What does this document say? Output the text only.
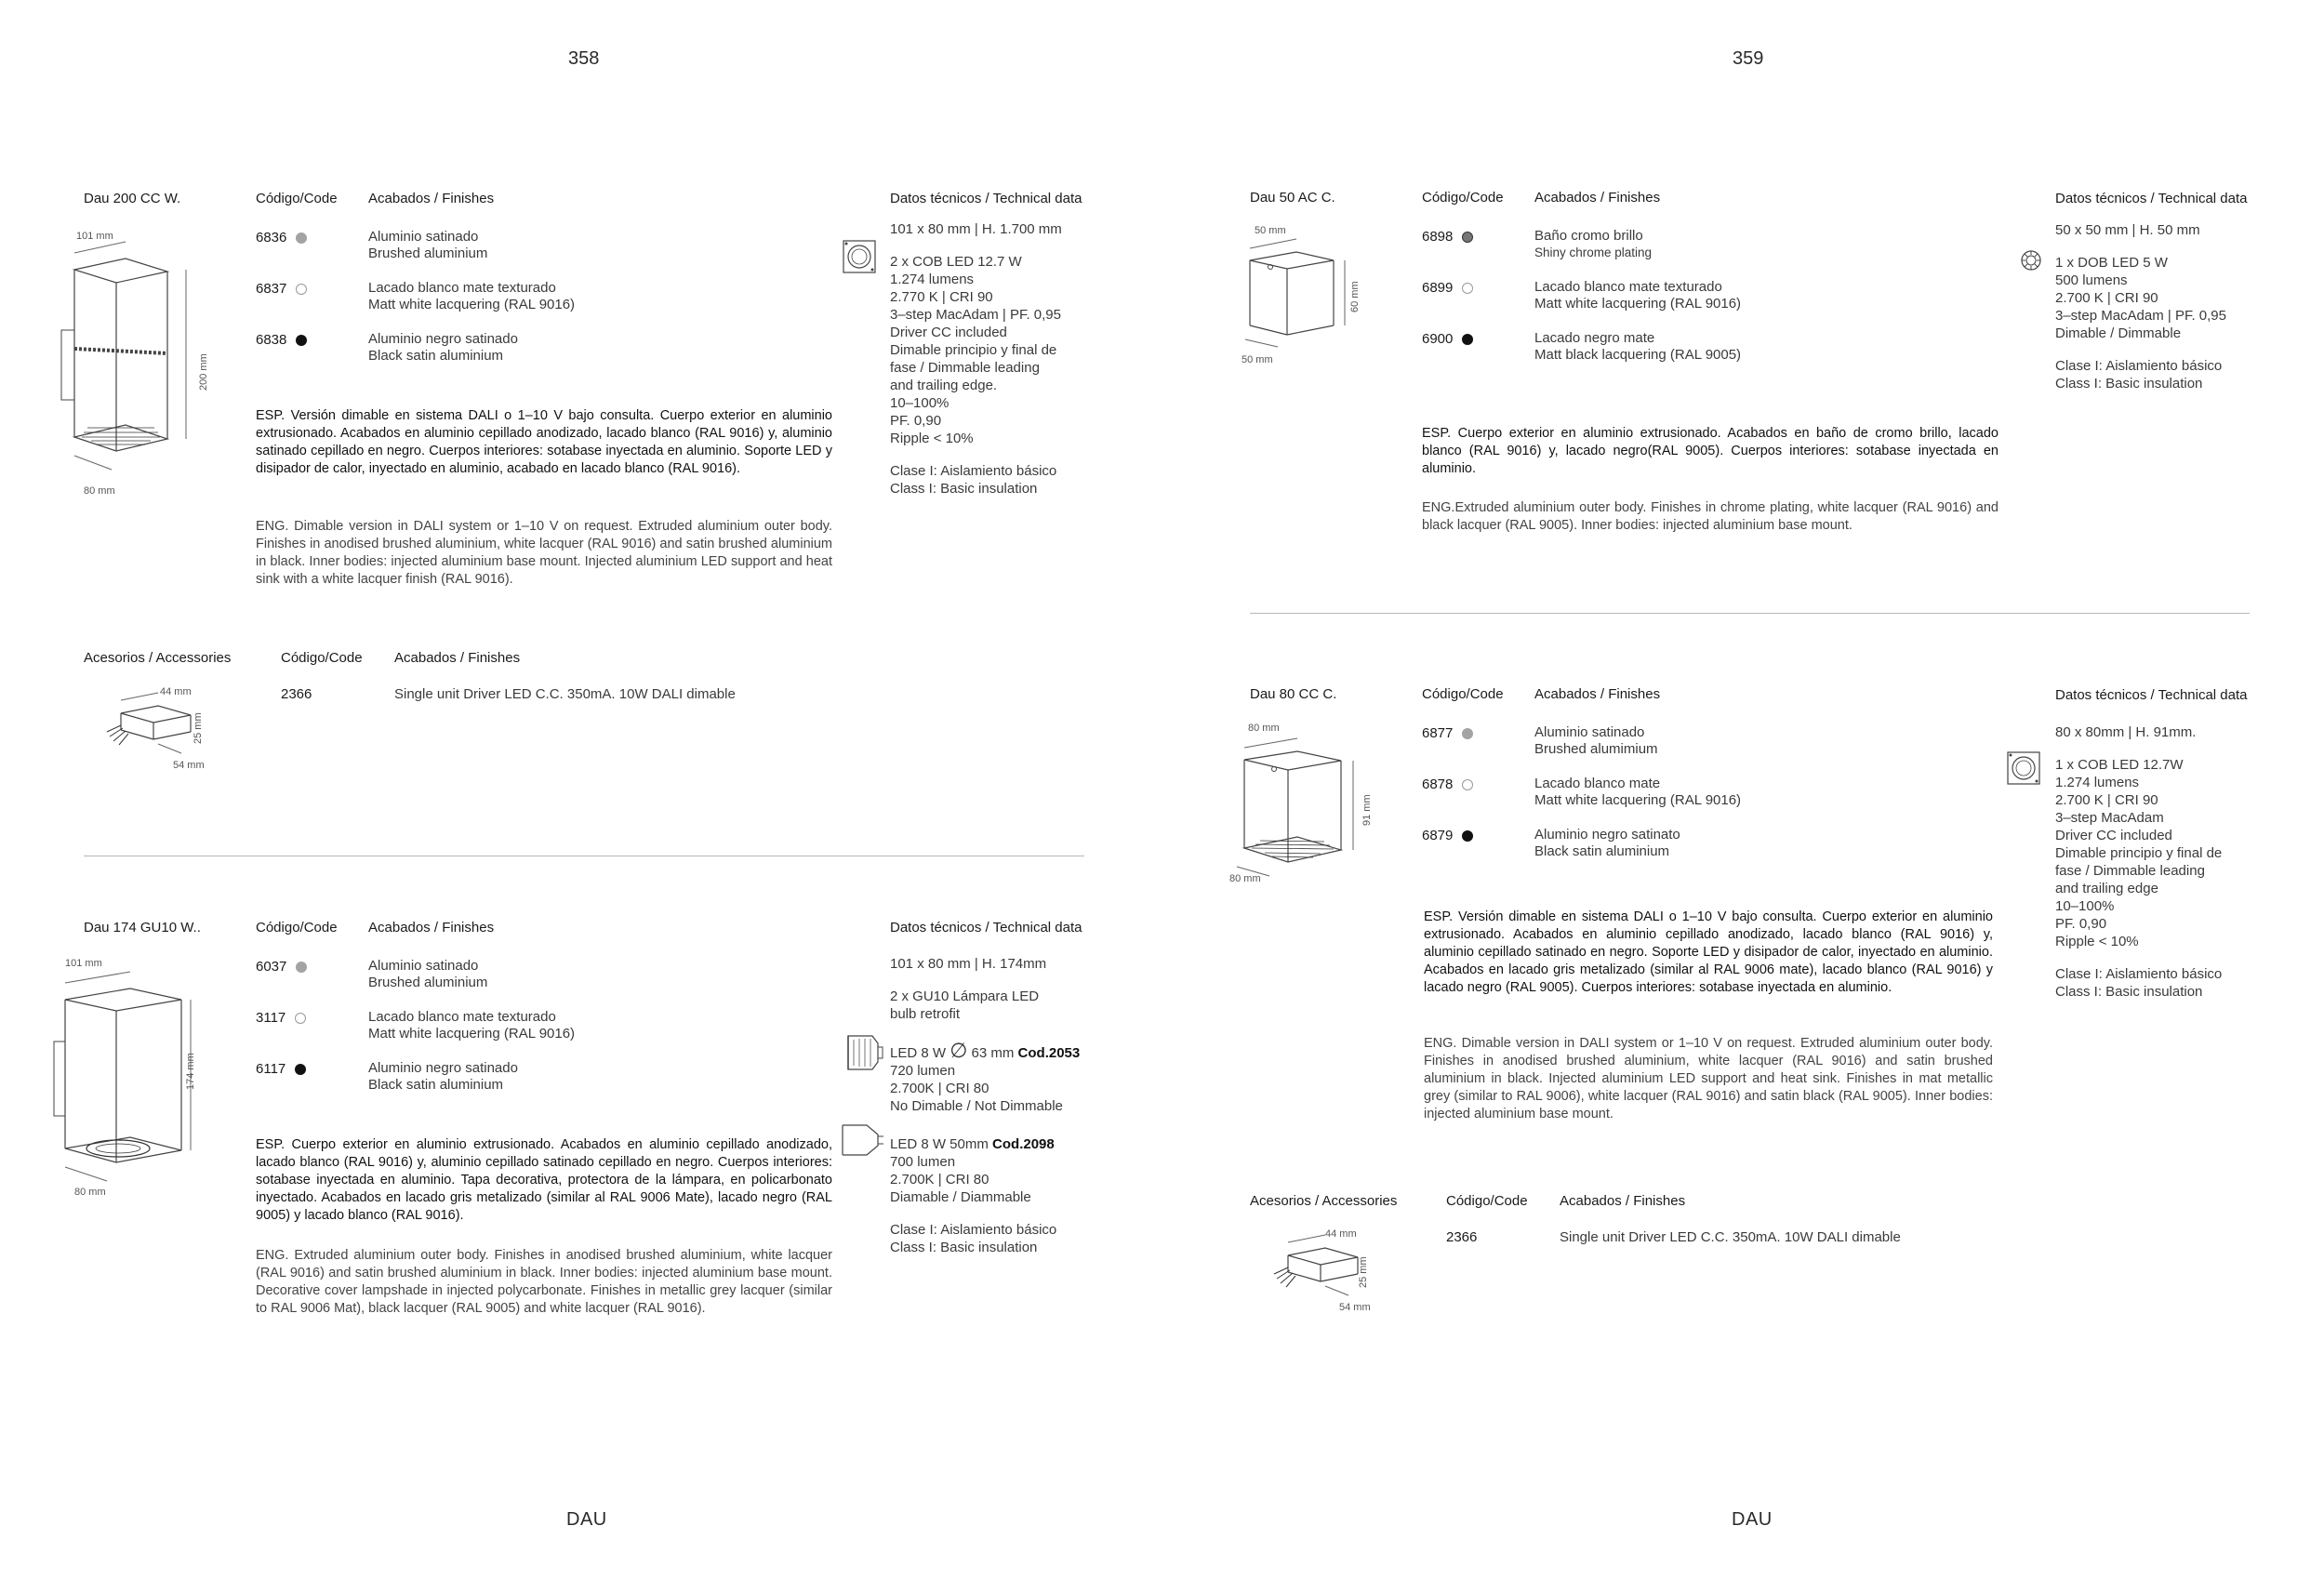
358
DAU
Dau 200 CC W.	Código/Code Acabados / Finishes	Datos técnicos / Technical data
101 mm
200 mm
80 mm
6836	Aluminio satinado
Brushed aluminium
6837	Lacado blanco mate texturado
Matt white lacquering (RAL 9016)
6838	Aluminio negro satinado
Black satin aluminium

101 x 80 mm | H. 1.700 mm

2 x COB LED 12.7 W

1.274 lumens

2.770 K | CRI 90

3–step MacAdam | PF. 0,95

Driver CC included

Dimable principio y final de

fase / Dimmable leading

and trailing edge.

10–100%

PF. 0,90

Ripple < 10%

Clase I: Aislamiento básico

Class I: Basic insulation

ESP. Versión dimable en sistema DALI o 1–10 V bajo consulta. Cuerpo exterior en aluminio extrusionado. Acabados en aluminio cepillado anodizado, lacado blanco (RAL 9016) y, aluminio satinado cepillado en negro. Cuerpos interiores: sotabase inyectada en aluminio. Soporte LED y disipador de calor, inyectado en aluminio, acabado en lacado blanco (RAL 9016).

ENG. Dimable version in DALI system or 1–10 V on request. Extruded aluminium outer body. Finishes in anodised brushed aluminium, white lacquer (RAL 9016) and satin brushed aluminium in black. Inner bodies: injected aluminium base mount. Injected aluminium LED support and heat sink with a white lacquer finish (RAL 9016).

Acesorios / Accessories	Código/Code Acabados / Finishes
44 mm
25 mm
54 mm
2366	Single unit Driver LED C.C. 350mA. 10W DALI dimable
Dau 174 GU10 W..	Código/Code Acabados / Finishes	Datos técnicos / Technical data
101 mm
174 mm
80 mm
6037	Aluminio satinado
Brushed aluminium
3117	Lacado blanco mate texturado
Matt white lacquering (RAL 9016)
6117	Aluminio negro satinado
Black satin aluminium

101 x 80 mm | H. 174mm

2 x GU10 Lámpara LED

bulb retrofit

LED 8 W ∅ 63 mm Cod.2053

720 lumen

2.700K | CRI 80

No Dimable / Not Dimmable

LED 8 W 50mm Cod.2098

700 lumen

2.700K | CRI 80

Diamable / Diammable

Clase I: Aislamiento básico

Class I: Basic insulation

ESP. Cuerpo exterior en aluminio extrusionado. Acabados en aluminio cepillado anodizado, lacado blanco (RAL 9016) y, aluminio cepillado satinado cepillado en negro. Cuerpos interiores: sotabase inyectada en aluminio. Tapa decorativa, protectora de la lámpara, en policarbonato inyectado. Acabados en lacado gris metalizado (similar al RAL 9006 Mate), lacado negro (RAL 9005) y lacado blanco (RAL 9016).

ENG. Extruded aluminium outer body. Finishes in anodised brushed aluminium, white lacquer (RAL 9016) and satin brushed aluminium in black. Inner bodies: injected aluminium base mount. Decorative cover lampshade in injected polycarbonate. Finishes in metallic grey lacquer (similar to RAL 9006 Mat), black lacquer (RAL 9005) and white lacquer (RAL 9016).

359
DAU
Dau 50 AC C.	Código/Code Acabados / Finishes	Datos técnicos / Technical data
50 mm
60 mm
50 mm
6898	Baño cromo brillo
Shiny chrome plating
6899	Lacado blanco mate texturado
Matt white lacquering (RAL 9016)
6900	Lacado negro mate
Matt black lacquering (RAL 9005)

50 x 50 mm | H. 50 mm

1 x DOB LED 5 W

500 lumens

2.700 K | CRI 90

3–step MacAdam | PF. 0,95

Dimable / Dimmable

Clase I: Aislamiento básico

Class I: Basic insulation

ESP. Cuerpo exterior en aluminio extrusionado. Acabados en baño de cromo brillo, lacado blanco (RAL 9016) y, lacado negro(RAL 9005). Cuerpos interiores: sotabase inyectada en aluminio.

ENG.Extruded aluminium outer body. Finishes in chrome plating, white lacquer (RAL 9016) and black lacquer (RAL 9005). Inner bodies: injected aluminium base mount.

Dau 80 CC C.	Código/Code Acabados / Finishes	Datos técnicos / Technical data
80 mm
91 mm
80 mm
6877	Aluminio satinado
Brushed alumimium
6878	Lacado blanco mate
Matt white lacquering (RAL 9016)
6879	Aluminio negro satinato
Black satin aluminium

80 x 80mm | H. 91mm.

1 x COB LED 12.7W

1.274 lumens

2.700 K | CRI 90

3–step MacAdam

Driver CC included

Dimable principio y final de

fase / Dimmable leading

and trailing edge

10–100%

PF. 0,90

Ripple < 10%

Clase I: Aislamiento básico

Class I: Basic insulation

ESP. Versión dimable en sistema DALI o 1–10 V bajo consulta. Cuerpo exterior en aluminio extrusionado. Acabados en aluminio cepillado anodizado, lacado blanco (RAL 9016) y, aluminio cepillado satinado en negro. Soporte LED y disipador de calor, inyectado en aluminio. Acabados en lacado gris metalizado (similar al RAL 9006 mate), lacado blanco (RAL 9016) y lacado negro (RAL 9005). Cuerpos interiores: sotabase inyectada en aluminio.

ENG. Dimable version in DALI system or 1–10 V on request. Extruded aluminium outer body. Finishes in anodised brushed aluminium, white lacquer (RAL 9016) and satin brushed aluminium in black. Injected aluminium LED support and heat sink. Finishes in mat metallic grey (similar to RAL 9006), white lacquer (RAL 9016) and satin black (RAL 9005). Inner bodies: injected aluminium base mount.

Acesorios / Accessories	Código/Code Acabados / Finishes
44 mm
25 mm
54 mm
2366	Single unit Driver LED C.C. 350mA. 10W DALI dimable
